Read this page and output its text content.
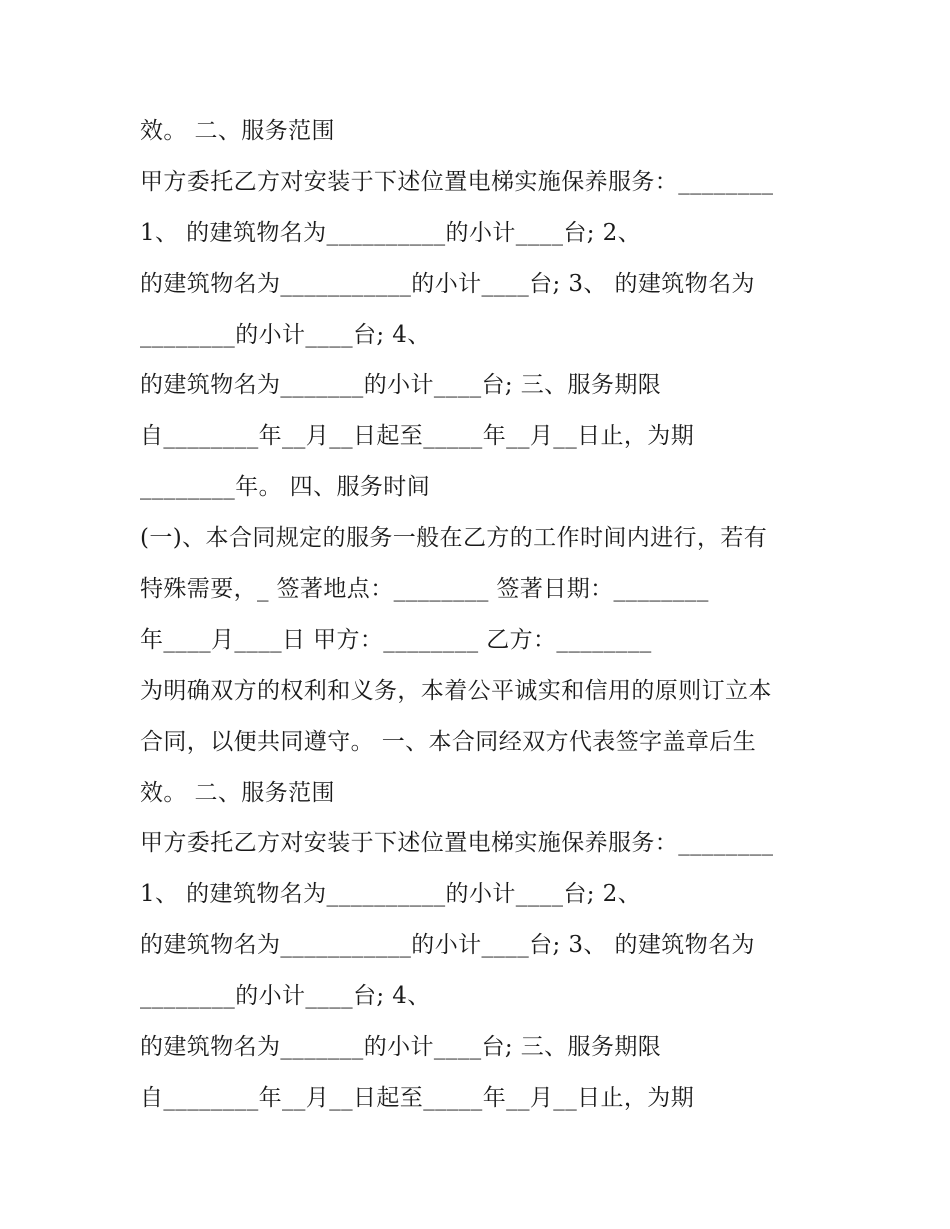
效。 二、服务范围
甲方委托乙方对安装于下述位置电梯实施保养服务：________
1、 的建筑物名为__________的小计____台; 2、
的建筑物名为___________的小计____台; 3、 的建筑物名为
________的小计____台; 4、
的建筑物名为_______的小计____台; 三、服务期限
自________年__月__日起至_____年__月__日止，为期
________年。 四、服务时间
(一)、本合同规定的服务一般在乙方的工作时间内进行，若有
特殊需要，_ 签著地点：________ 签著日期：________
年____月____日 甲方：________ 乙方：________
为明确双方的权利和义务，本着公平诚实和信用的原则订立本
合同，以便共同遵守。 一、本合同经双方代表签字盖章后生
效。 二、服务范围
甲方委托乙方对安装于下述位置电梯实施保养服务：________
1、 的建筑物名为__________的小计____台; 2、
的建筑物名为___________的小计____台; 3、 的建筑物名为
________的小计____台; 4、
的建筑物名为_______的小计____台; 三、服务期限
自________年__月__日起至_____年__月__日止，为期
